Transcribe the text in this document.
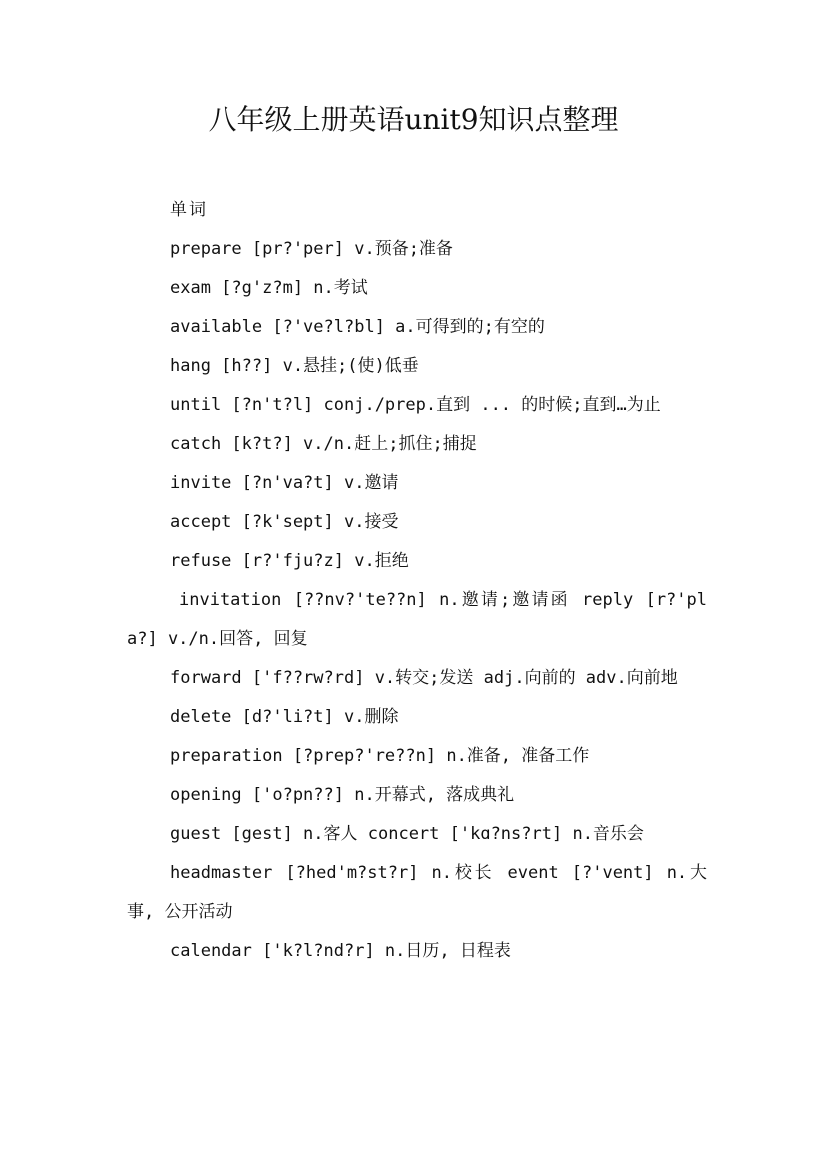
八年级上册英语unit9知识点整理

单词

prepare [pr?'per] v.预备;准备

exam [?g'z?m] n.考试

available [?'ve?l?bl] a.可得到的;有空的

hang [h??] v.悬挂;(使)低垂

until [?n't?l] conj./prep.直到 ... 的时候;直到…为止

catch [k?t?] v./n.赶上;抓住;捕捉

invite [?n'va?t] v.邀请

accept [?k'sept] v.接受

refuse [r?'fju?z] v.拒绝

invitation [??nv?'te??n] n.邀请;邀请函 reply [r?'pla?] v./n.回答, 回复

forward ['f??rw?rd] v.转交;发送 adj.向前的 adv.向前地

delete [d?'li?t] v.删除

preparation [?prep?'re??n] n.准备, 准备工作

opening ['o?pn??] n.开幕式, 落成典礼

guest [gest] n.客人 concert ['kɑ?ns?rt] n.音乐会

headmaster [?hed'm?st?r] n.校长 event [?'vent] n.大事, 公开活动

calendar ['k?l?nd?r] n.日历, 日程表
